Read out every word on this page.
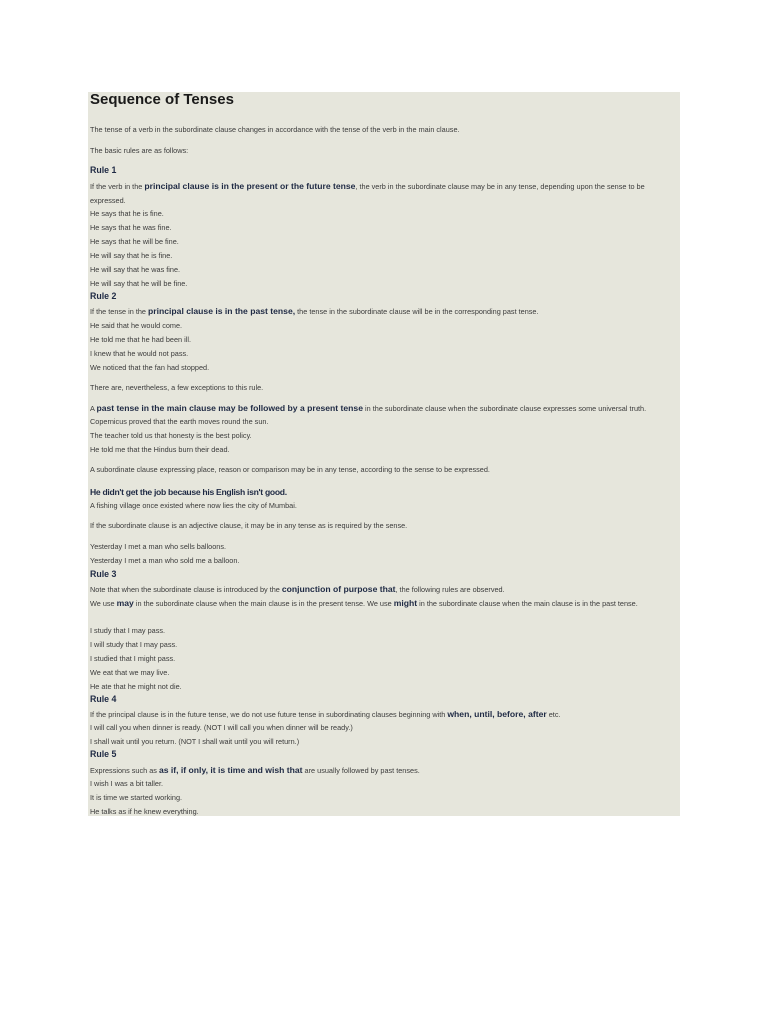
Sequence of Tenses
The tense of a verb in the subordinate clause changes in accordance with the tense of the verb in the main clause.
The basic rules are as follows:
Rule 1
If the verb in the principal clause is in the present or the future tense, the verb in the subordinate clause may be in any tense, depending upon the sense to be expressed.
He says that he is fine.
He says that he was fine.
He says that he will be fine.
He will say that he is fine.
He will say that he was fine.
He will say that he will be fine.
Rule 2
If the tense in the principal clause is in the past tense, the tense in the subordinate clause will be in the corresponding past tense.
He said that he would come.
He told me that he had been ill.
I knew that he would not pass.
We noticed that the fan had stopped.
There are, nevertheless, a few exceptions to this rule.
A past tense in the main clause may be followed by a present tense in the subordinate clause when the subordinate clause expresses some universal truth.
Copernicus proved that the earth moves round the sun.
The teacher told us that honesty is the best policy.
He told me that the Hindus burn their dead.
A subordinate clause expressing place, reason or comparison may be in any tense, according to the sense to be expressed.
He didn't get the job because his English isn't good.
A fishing village once existed where now lies the city of Mumbai.
If the subordinate clause is an adjective clause, it may be in any tense as is required by the sense.
Yesterday I met a man who sells balloons.
Yesterday I met a man who sold me a balloon.
Rule 3
Note that when the subordinate clause is introduced by the conjunction of purpose that, the following rules are observed.
We use may in the subordinate clause when the main clause is in the present tense. We use might in the subordinate clause when the main clause is in the past tense.
I study that I may pass.
I will study that I may pass.
I studied that I might pass.
We eat that we may live.
He ate that he might not die.
Rule 4
If the principal clause is in the future tense, we do not use future tense in subordinating clauses beginning with when, until, before, after etc.
I will call you when dinner is ready. (NOT I will call you when dinner will be ready.)
I shall wait until you return. (NOT I shall wait until you will return.)
Rule 5
Expressions such as as if, if only, it is time and wish that are usually followed by past tenses.
I wish I was a bit taller.
It is time we started working.
He talks as if he knew everything.
